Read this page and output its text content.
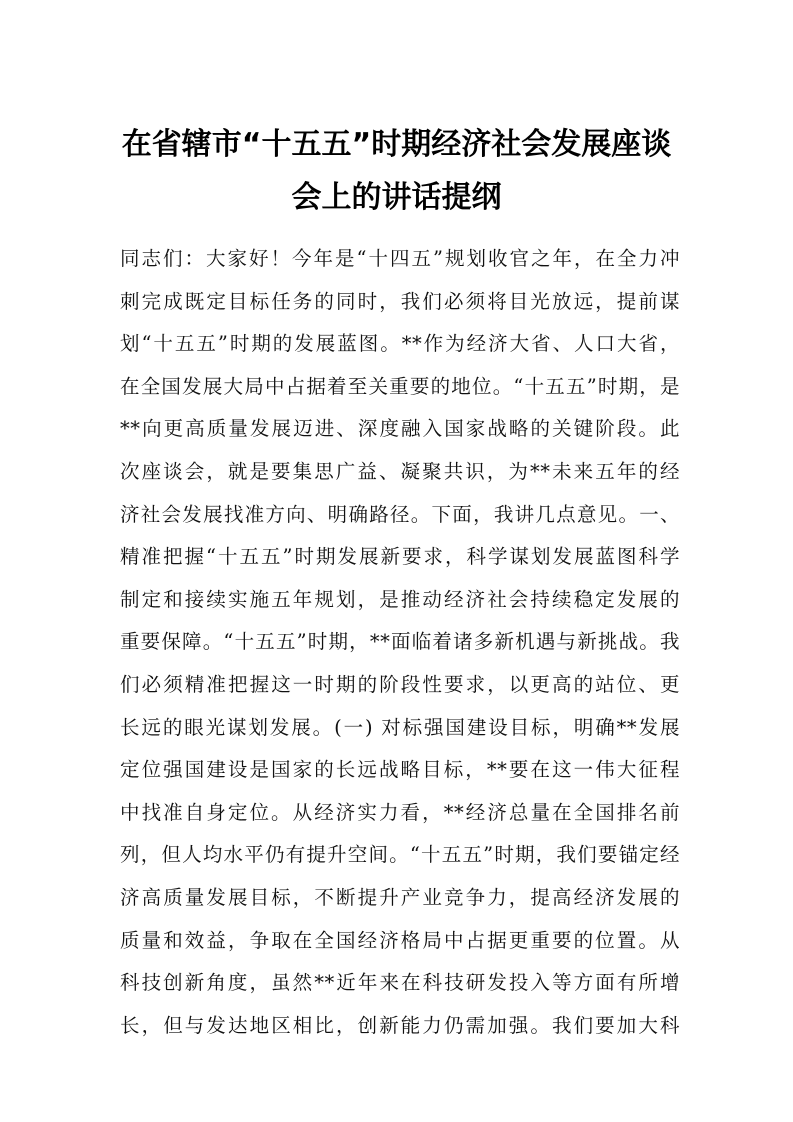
在省辖市“十五五”时期经济社会发展座谈
会上的讲话提纲
同志们：大家好！今年是“十四五”规划收官之年，在全力冲
刺完成既定目标任务的同时，我们必须将目光放远，提前谋
划“十五五”时期的发展蓝图。**作为经济大省、人口大省，
在全国发展大局中占据着至关重要的地位。“十五五”时期，是
**向更高质量发展迈进、深度融入国家战略的关键阶段。此
次座谈会，就是要集思广益、凝聚共识，为**未来五年的经
济社会发展找准方向、明确路径。下面，我讲几点意见。一、
精准把握“十五五”时期发展新要求，科学谋划发展蓝图科学
制定和接续实施五年规划，是推动经济社会持续稳定发展的
重要保障。“十五五”时期，**面临着诸多新机遇与新挑战。我
们必须精准把握这一时期的阶段性要求，以更高的站位、更
长远的眼光谋划发展。(一) 对标强国建设目标，明确**发展
定位强国建设是国家的长远战略目标，**要在这一伟大征程
中找准自身定位。从经济实力看，**经济总量在全国排名前
列，但人均水平仍有提升空间。“十五五”时期，我们要锚定经
济高质量发展目标，不断提升产业竞争力，提高经济发展的
质量和效益，争取在全国经济格局中占据更重要的位置。从
科技创新角度，虽然**近年来在科技研发投入等方面有所增
长，但与发达地区相比，创新能力仍需加强。我们要加大科
